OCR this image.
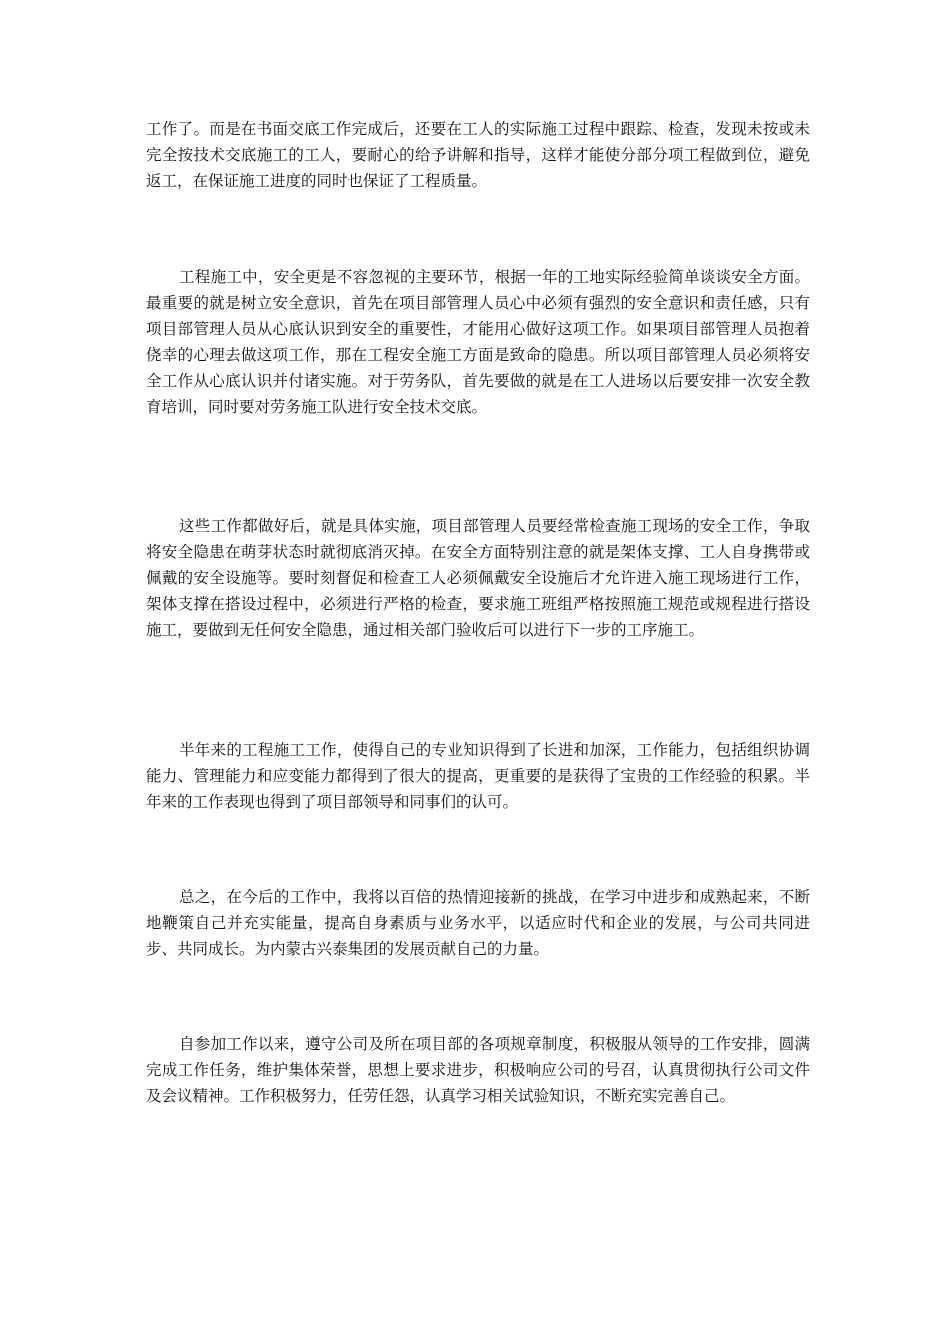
工作了。而是在书面交底工作完成后，还要在工人的实际施工过程中跟踪、检查，发现未按或未完全按技术交底施工的工人，要耐心的给予讲解和指导，这样才能使分部分项工程做到位，避免返工，在保证施工进度的同时也保证了工程质量。

工程施工中，安全更是不容忽视的主要环节，根据一年的工地实际经验简单谈谈安全方面。最重要的就是树立安全意识，首先在项目部管理人员心中必须有强烈的安全意识和责任感，只有项目部管理人员从心底认识到安全的重要性，才能用心做好这项工作。如果项目部管理人员抱着侥幸的心理去做这项工作，那在工程安全施工方面是致命的隐患。所以项目部管理人员必须将安全工作从心底认识并付诸实施。对于劳务队，首先要做的就是在工人进场以后要安排一次安全教育培训，同时要对劳务施工队进行安全技术交底。

这些工作都做好后，就是具体实施，项目部管理人员要经常检查施工现场的安全工作，争取将安全隐患在萌芽状态时就彻底消灭掉。在安全方面特别注意的就是架体支撑、工人自身携带或佩戴的安全设施等。要时刻督促和检查工人必须佩戴安全设施后才允许进入施工现场进行工作，架体支撑在搭设过程中，必须进行严格的检查，要求施工班组严格按照施工规范或规程进行搭设施工，要做到无任何安全隐患，通过相关部门验收后可以进行下一步的工序施工。

半年来的工程施工工作，使得自己的专业知识得到了长进和加深，工作能力，包括组织协调能力、管理能力和应变能力都得到了很大的提高，更重要的是获得了宝贵的工作经验的积累。半年来的工作表现也得到了项目部领导和同事们的认可。

总之，在今后的工作中，我将以百倍的热情迎接新的挑战，在学习中进步和成熟起来，不断地鞭策自己并充实能量，提高自身素质与业务水平，以适应时代和企业的发展，与公司共同进步、共同成长。为内蒙古兴泰集团的发展贡献自己的力量。

自参加工作以来，遵守公司及所在项目部的各项规章制度，积极服从领导的工作安排，圆满完成工作任务，维护集体荣誉，思想上要求进步，积极响应公司的号召，认真贯彻执行公司文件及会议精神。工作积极努力，任劳任怨，认真学习相关试验知识，不断充实完善自己。
